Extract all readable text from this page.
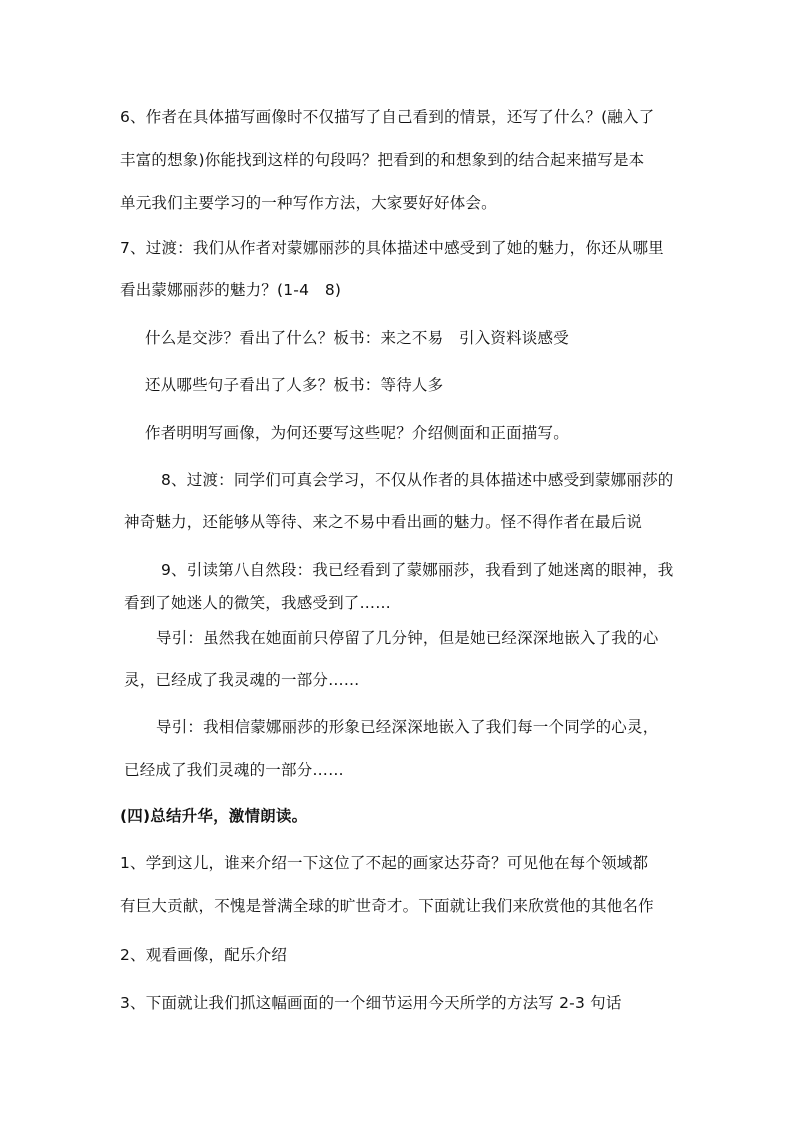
6、作者在具体描写画像时不仅描写了自己看到的情景，还写了什么？(融入了
丰富的想象)你能找到这样的句段吗？把看到的和想象到的结合起来描写是本
单元我们主要学习的一种写作方法，大家要好好体会。
7、过渡：我们从作者对蒙娜丽莎的具体描述中感受到了她的魅力，你还从哪里
看出蒙娜丽莎的魅力？(1-4　8)
什么是交涉？看出了什么？板书：来之不易　引入资料谈感受
还从哪些句子看出了人多？板书：等待人多
作者明明写画像，为何还要写这些呢？介绍侧面和正面描写。
8、过渡：同学们可真会学习，不仅从作者的具体描述中感受到蒙娜丽莎的
神奇魅力，还能够从等待、来之不易中看出画的魅力。怪不得作者在最后说
9、引读第八自然段：我已经看到了蒙娜丽莎，我看到了她迷离的眼神，我
看到了她迷人的微笑，我感受到了……
导引：虽然我在她面前只停留了几分钟，但是她已经深深地嵌入了我的心
灵，已经成了我灵魂的一部分……
导引：我相信蒙娜丽莎的形象已经深深地嵌入了我们每一个同学的心灵，
已经成了我们灵魂的一部分……
(四)总结升华，激情朗读。
1、学到这儿，谁来介绍一下这位了不起的画家达芬奇？可见他在每个领域都
有巨大贡献，不愧是誉满全球的旷世奇才。下面就让我们来欣赏他的其他名作
2、观看画像，配乐介绍
3、下面就让我们抓这幅画面的一个细节运用今天所学的方法写 2-3 句话
